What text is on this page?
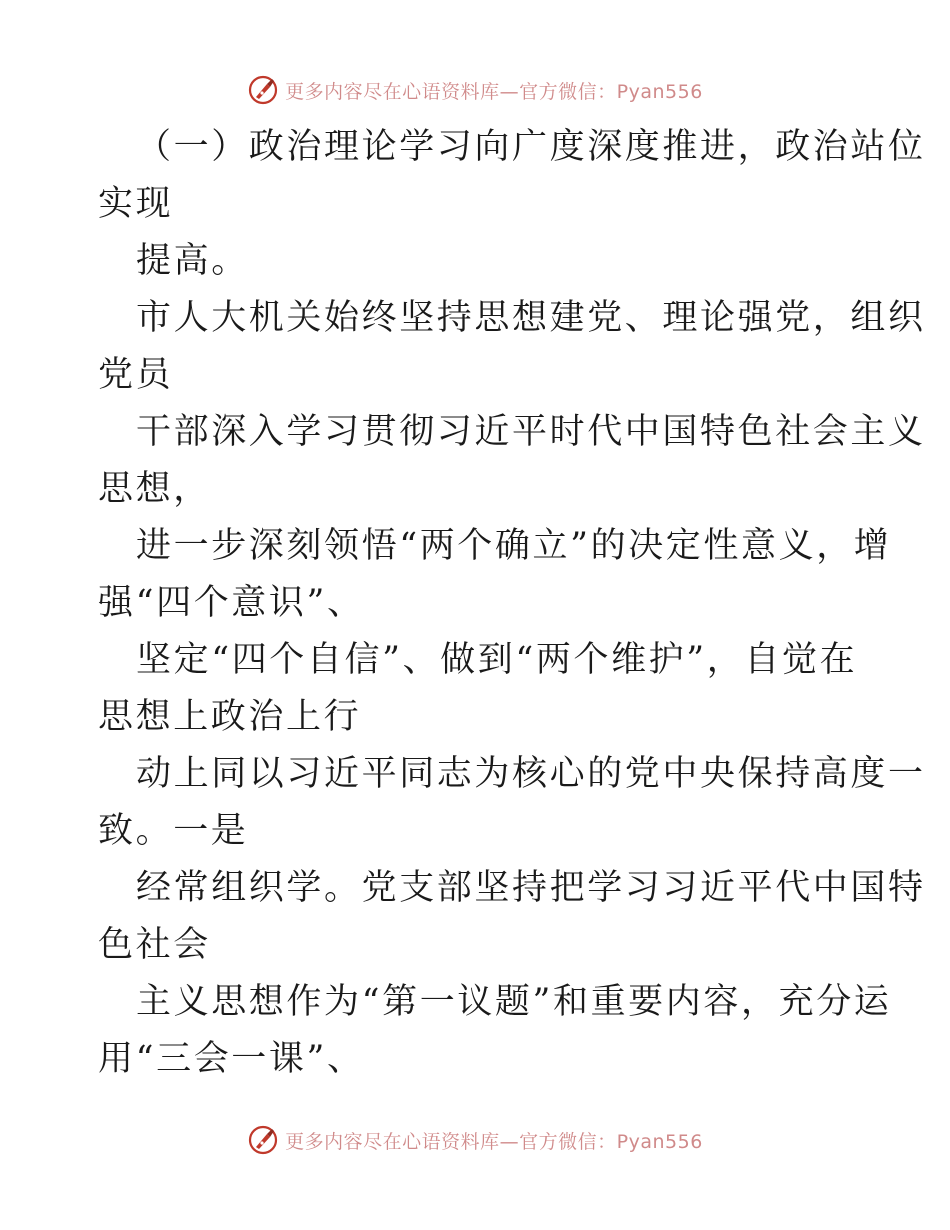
更多内容尽在心语资料库—官方微信：Pyan556
（一）政治理论学习向广度深度推进，政治站位
实现
提高。
市人大机关始终坚持思想建党、理论强党，组织
党员
干部深入学习贯彻习近平时代中国特色社会主义
思想，
进一步深刻领悟“两个确立”的决定性意义，增
强“四个意识”、
坚定“四个自信”、做到“两个维护”，自觉在
思想上政治上行
动上同以习近平同志为核心的党中央保持高度一
致。一是
经常组织学。党支部坚持把学习习近平代中国特
色社会
主义思想作为“第一议题”和重要内容，充分运
用“三会一课”、
更多内容尽在心语资料库—官方微信：Pyan556
